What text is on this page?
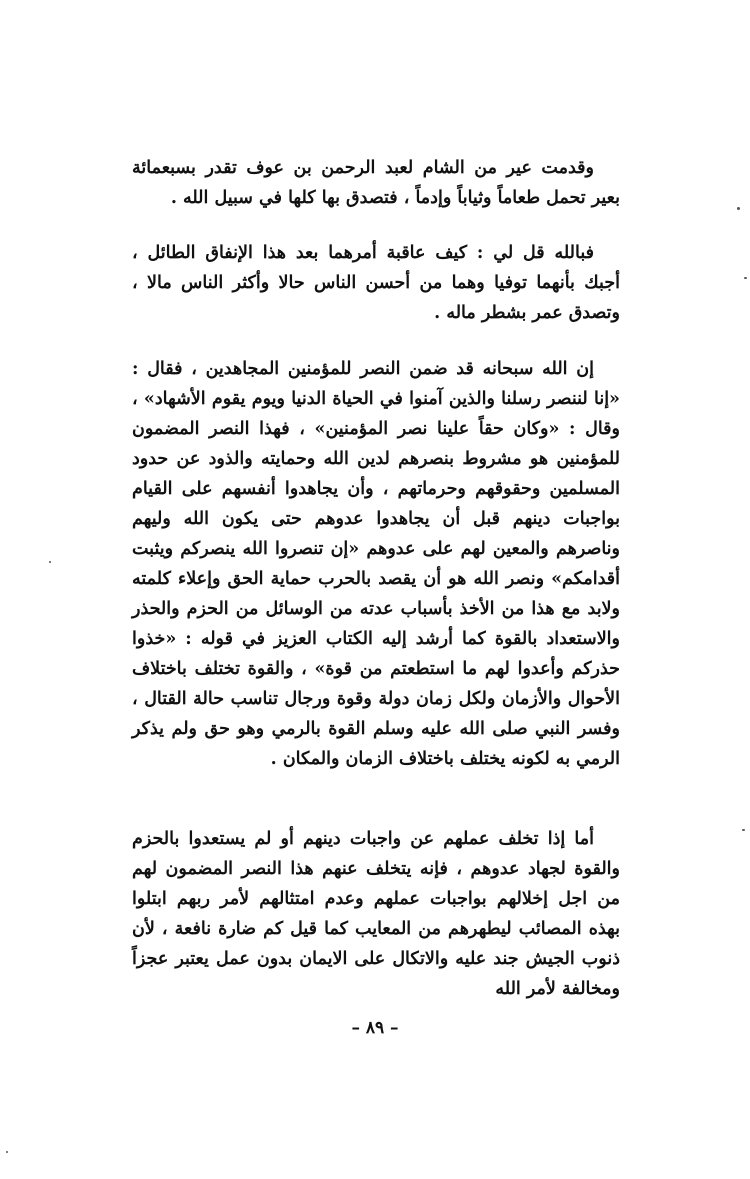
وقدمت عير من الشام لعبد الرحمن بن عوف تقدر بسبعمائة بعير تحمل طعاماً وثياباً وإدماً ، فتصدق بها كلها في سبيل الله .

فبالله قل لي : كيف عاقبة أمرهما بعد هذا الإنفاق الطائل ، أجبك بأنهما توفيا وهما من أحسن الناس حالا وأكثر الناس مالا ، وتصدق عمر بشطر ماله .

إن الله سبحانه قد ضمن النصر للمؤمنين المجاهدين ، فقال : «إنا لننصر رسلنا والذين آمنوا في الحياة الدنيا ويوم يقوم الأشهاد» ، وقال : «وكان حقاً علينا نصر المؤمنين» ، فهذا النصر المضمون للمؤمنين هو مشروط بنصرهم لدين الله وحمايته والذود عن حدود المسلمين وحقوقهم وحرماتهم ، وأن يجاهدوا أنفسهم على القيام بواجبات دينهم قبل أن يجاهدوا عدوهم حتى يكون الله وليهم وناصرهم والمعين لهم على عدوهم «إن تنصروا الله ينصركم ويثبت أقدامكم» ونصر الله هو أن يقصد بالحرب حماية الحق وإعلاء كلمته ولابد مع هذا من الأخذ بأسباب عدته من الوسائل من الحزم والحذر والاستعداد بالقوة كما أرشد إليه الكتاب العزيز في قوله : «خذوا حذركم وأعدوا لهم ما استطعتم من قوة» ، والقوة تختلف باختلاف الأحوال والأزمان ولكل زمان دولة وقوة ورجال تناسب حالة القتال ، وفسر النبي صلى الله عليه وسلم القوة بالرمي وهو حق ولم يذكر الرمي به لكونه يختلف باختلاف الزمان والمكان .

أما إذا تخلف عملهم عن واجبات دينهم أو لم يستعدوا بالحزم والقوة لجهاد عدوهم ، فإنه يتخلف عنهم هذا النصر المضمون لهم من اجل إخلالهم بواجبات عملهم وعدم امتثالهم لأمر ربهم ابتلوا بهذه المصائب ليطهرهم من المعايب كما قيل كم ضارة نافعة ، لأن ذنوب الجيش جند عليه والاتكال على الايمان بدون عمل يعتبر عجزاً ومخالفة لأمر الله

– ٨٩ –
